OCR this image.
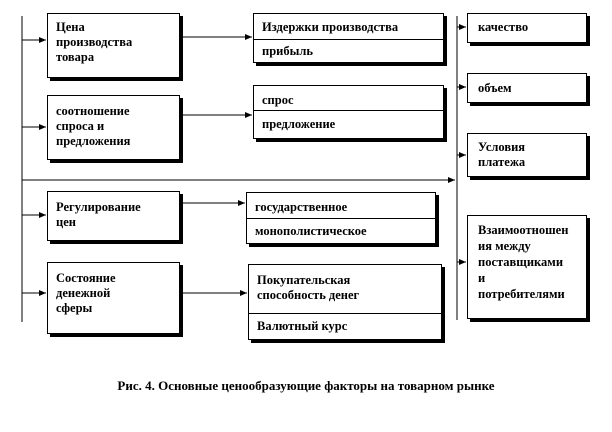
Цена
производства
товара
соотношение
спроса и
предложения
Регулирование
цен
Состояние
денежной
сферы
Издержки производства
прибыль
спрос
предложение
государственное
монополистическое
Покупательская
способность денег
Валютный курс
качество
объем
Условия
платежа
Взаимоотношен
ия между
поставщиками
и
потребителями
Рис. 4. Основные ценообразующие факторы на товарном рынке
